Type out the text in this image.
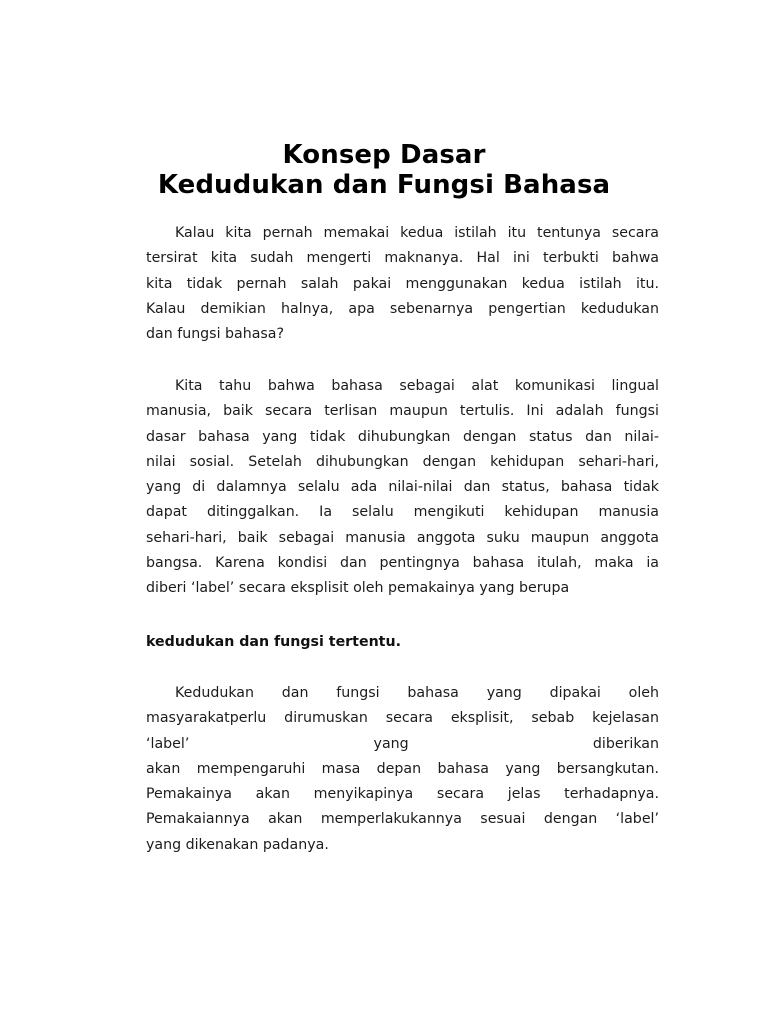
Konsep Dasar
Kedudukan dan Fungsi Bahasa

Kalau kita pernah memakai kedua istilah itu tentunya secara
tersirat kita sudah mengerti maknanya. Hal ini terbukti bahwa
kita tidak pernah salah pakai menggunakan kedua istilah itu.
Kalau demikian halnya, apa sebenarnya pengertian kedudukan
dan fungsi bahasa?

Kita tahu bahwa bahasa sebagai alat komunikasi lingual
manusia, baik secara terlisan maupun tertulis. Ini adalah fungsi
dasar bahasa yang tidak dihubungkan dengan status dan nilai-
nilai sosial. Setelah dihubungkan dengan kehidupan sehari-hari,
yang di dalamnya selalu ada nilai-nilai dan status, bahasa tidak
dapat ditinggalkan. Ia selalu mengikuti kehidupan manusia
sehari-hari, baik sebagai manusia anggota suku maupun anggota
bangsa. Karena kondisi dan pentingnya bahasa itulah, maka ia
diberi ‘label’ secara eksplisit oleh pemakainya yang berupa

kedudukan dan fungsi tertentu.

Kedudukan dan fungsi bahasa yang dipakai oleh
masyarakatperlu dirumuskan secara eksplisit, sebab kejelasan
‘label’ yang diberikan
akan mempengaruhi masa depan bahasa yang bersangkutan.
Pemakainya akan menyikapinya secara jelas terhadapnya.
Pemakaiannya akan memperlakukannya sesuai dengan ‘label’
yang dikenakan padanya.
